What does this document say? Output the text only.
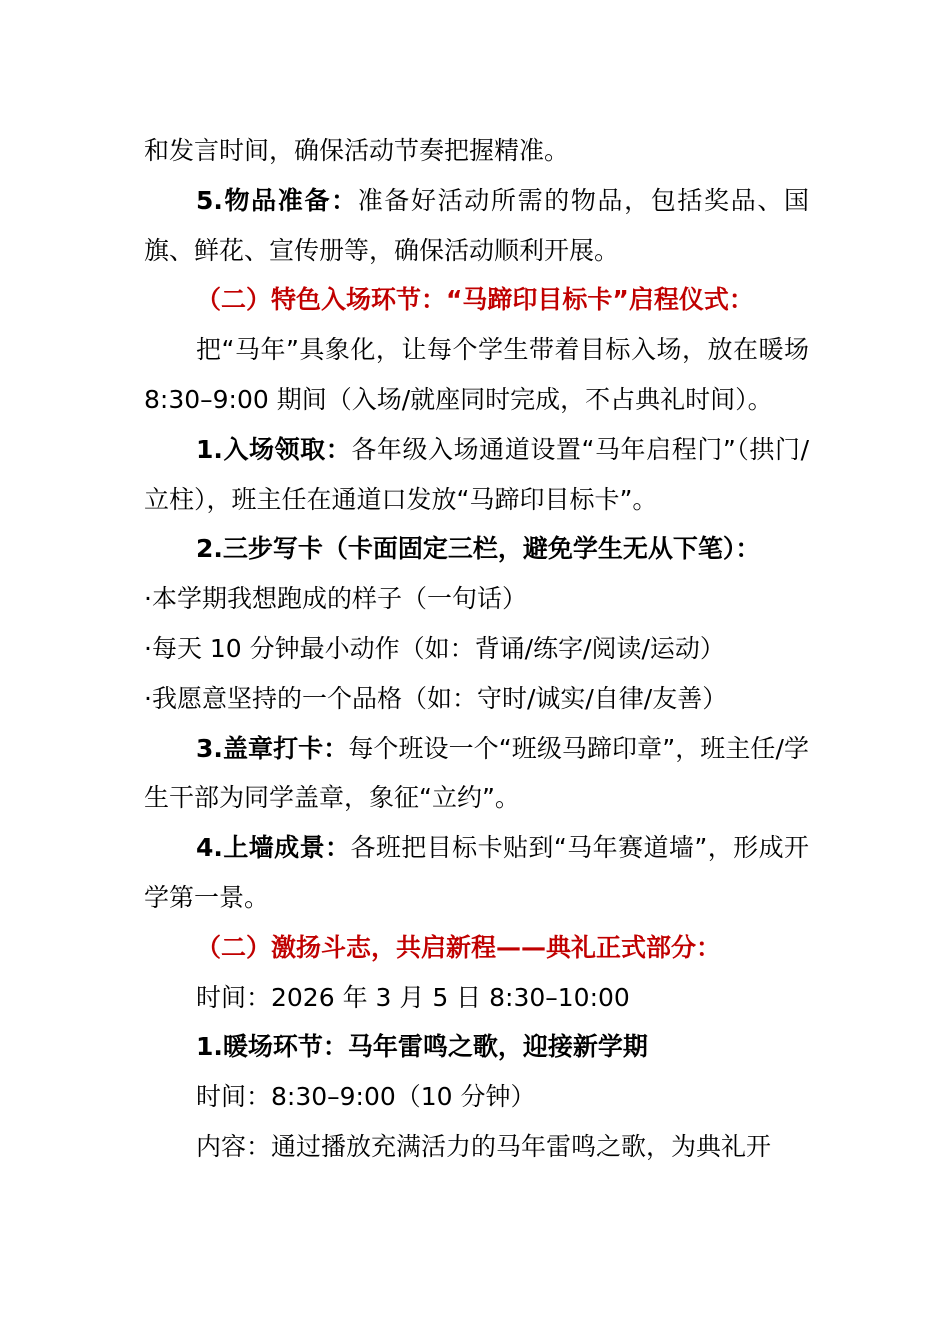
和发言时间，确保活动节奏把握精准。

5.物品准备：准备好活动所需的物品，包括奖品、国旗、鲜花、宣传册等，确保活动顺利开展。

（二）特色入场环节：“马蹄印目标卡”启程仪式：

把“马年”具象化，让每个学生带着目标入场，放在暖场 8:30–9:00 期间（入场/就座同时完成，不占典礼时间）。

1.入场领取：各年级入场通道设置“马年启程门”（拱门/立柱），班主任在通道口发放“马蹄印目标卡”。

2.三步写卡（卡面固定三栏，避免学生无从下笔）：

·本学期我想跑成的样子（一句话）

·每天 10 分钟最小动作（如：背诵/练字/阅读/运动）

·我愿意坚持的一个品格（如：守时/诚实/自律/友善）

3.盖章打卡：每个班设一个“班级马蹄印章”，班主任/学生干部为同学盖章，象征“立约”。

4.上墙成景：各班把目标卡贴到“马年赛道墙”，形成开学第一景。

（二）激扬斗志，共启新程——典礼正式部分：

时间：2026 年 3 月 5 日 8:30–10:00

1.暖场环节：马年雷鸣之歌，迎接新学期

时间：8:30–9:00（10 分钟）

内容：通过播放充满活力的马年雷鸣之歌，为典礼开
